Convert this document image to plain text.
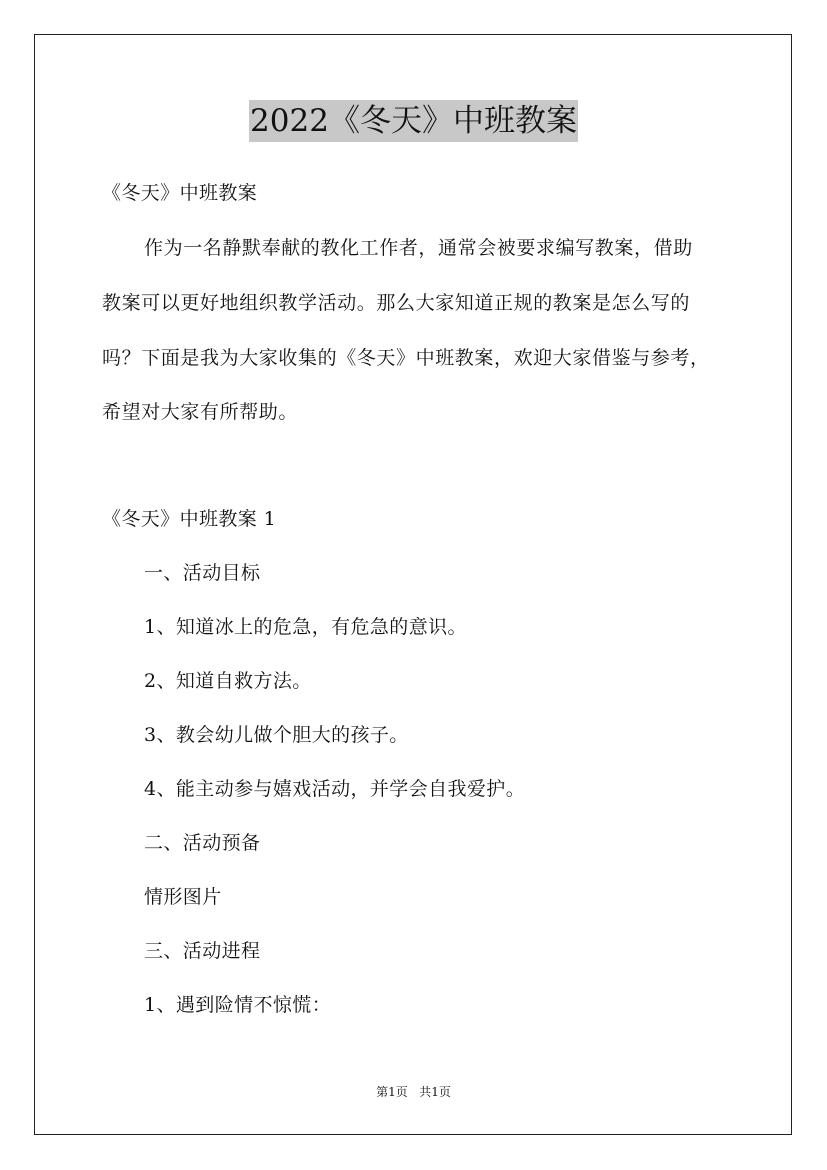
2022《冬天》中班教案
《冬天》中班教案
作为一名静默奉献的教化工作者，通常会被要求编写教案，借助
教案可以更好地组织教学活动。那么大家知道正规的教案是怎么写的
吗？下面是我为大家收集的《冬天》中班教案，欢迎大家借鉴与参考，
希望对大家有所帮助。
《冬天》中班教案 1
一、活动目标
1、知道冰上的危急，有危急的意识。
2、知道自救方法。
3、教会幼儿做个胆大的孩子。
4、能主动参与嬉戏活动，并学会自我爱护。
二、活动预备
情形图片
三、活动进程
1、遇到险情不惊慌：
第1页 共1页
